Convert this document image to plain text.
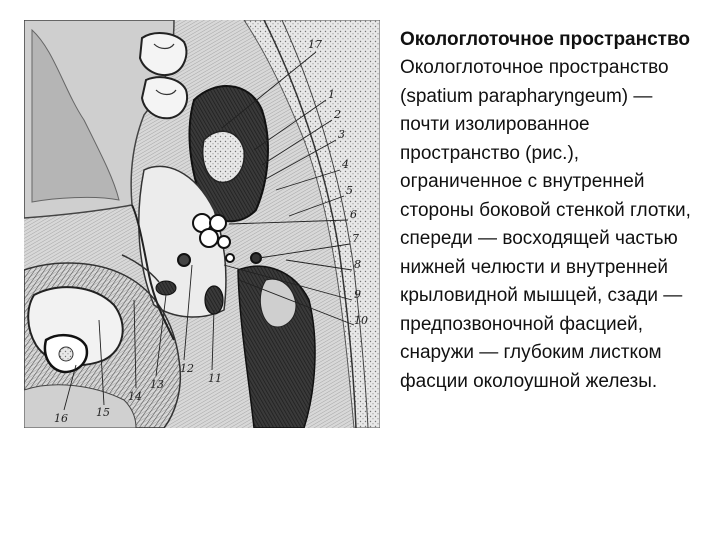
17
1
2
3
4
5
6
7
8
9
10
11
12
13
14
15
16

Окологлоточное пространство

Окологлоточное пространство (spatium parapharyngeum) — почти изолированное пространство (рис.), ограниченное с внутренней стороны боковой стенкой глотки, спереди — восходящей частью нижней челюсти и внутренней крыловидной мышцей, сзади — предпозвоночной фасцией, снаружи — глубоким листком фасции околоушной железы.
